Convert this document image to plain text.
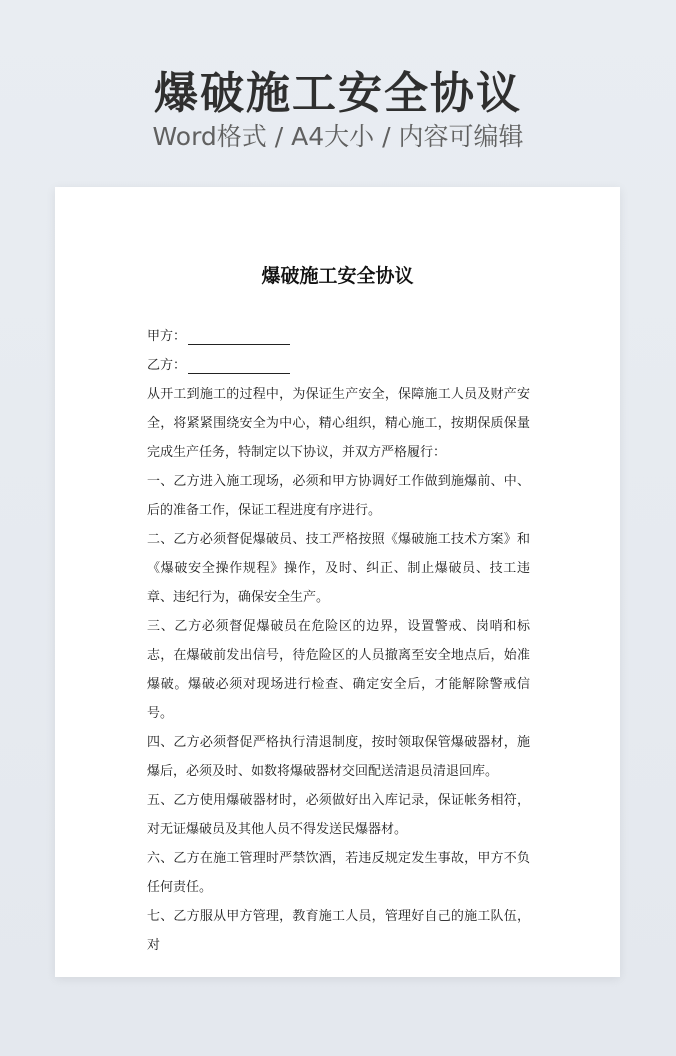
爆破施工安全协议
Word格式 / A4大小 / 内容可编辑
爆破施工安全协议
甲方：
乙方：

从开工到施工的过程中，为保证生产安全，保障施工人员及财产安全，将紧紧围绕安全为中心，精心组织，精心施工，按期保质保量完成生产任务，特制定以下协议，并双方严格履行：

一、乙方进入施工现场，必须和甲方协调好工作做到施爆前、中、后的准备工作，保证工程进度有序进行。

二、乙方必须督促爆破员、技工严格按照《爆破施工技术方案》和《爆破安全操作规程》操作，及时、纠正、制止爆破员、技工违章、违纪行为，确保安全生产。

三、乙方必须督促爆破员在危险区的边界，设置警戒、岗哨和标志，在爆破前发出信号，待危险区的人员撤离至安全地点后，始准爆破。爆破必须对现场进行检查、确定安全后，才能解除警戒信号。

四、乙方必须督促严格执行清退制度，按时领取保管爆破器材，施爆后，必须及时、如数将爆破器材交回配送清退员清退回库。

五、乙方使用爆破器材时，必须做好出入库记录，保证帐务相符，对无证爆破员及其他人员不得发送民爆器材。

六、乙方在施工管理时严禁饮酒，若违反规定发生事故，甲方不负任何责任。

七、乙方服从甲方管理，教育施工人员，管理好自己的施工队伍，对
